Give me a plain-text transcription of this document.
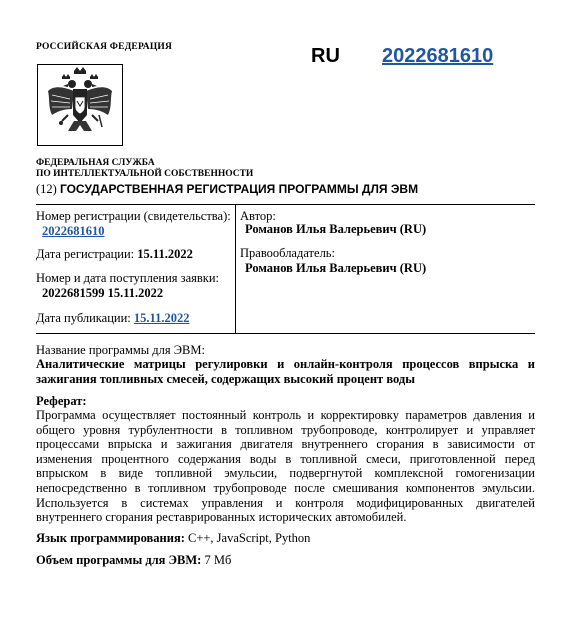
РОССИЙСКАЯ ФЕДЕРАЦИЯ	RU 2022681610
ФЕДЕРАЛЬНАЯ СЛУЖБА
ПО ИНТЕЛЛЕКТУАЛЬНОЙ СОБСТВЕННОСТИ
(12) ГОСУДАРСТВЕННАЯ РЕГИСТРАЦИЯ ПРОГРАММЫ ДЛЯ ЭВМ
Номер регистрации (свидетельства):
2022681610
Дата регистрации: 15.11.2022
Номер и дата поступления заявки:
2022681599 15.11.2022
Дата публикации: 15.11.2022
Автор:
Романов Илья Валерьевич (RU)
Правообладатель:
Романов Илья Валерьевич (RU)
Название программы для ЭВМ:
Аналитические матрицы регулировки и онлайн-контроля процессов впрыска и зажигания топливных смесей, содержащих высокий процент воды
Реферат:
Программа осуществляет постоянный контроль и корректировку параметров давления и общего уровня турбулентности в топливном трубопроводе, контролирует и управляет процессами впрыска и зажигания двигателя внутреннего сгорания в зависимости от изменения процентного содержания воды в топливной смеси, приготовленной перед впрыском в виде топливной эмульсии, подвергнутой комплексной гомогенизации непосредственно в топливном трубопроводе после смешивания компонентов эмульсии. Используется в системах управления и контроля модифицированных двигателей внутреннего сгорания реставрированных исторических автомобилей.
Язык программирования: C++, JavaScript, Python
Объем программы для ЭВМ: 7 Мб
